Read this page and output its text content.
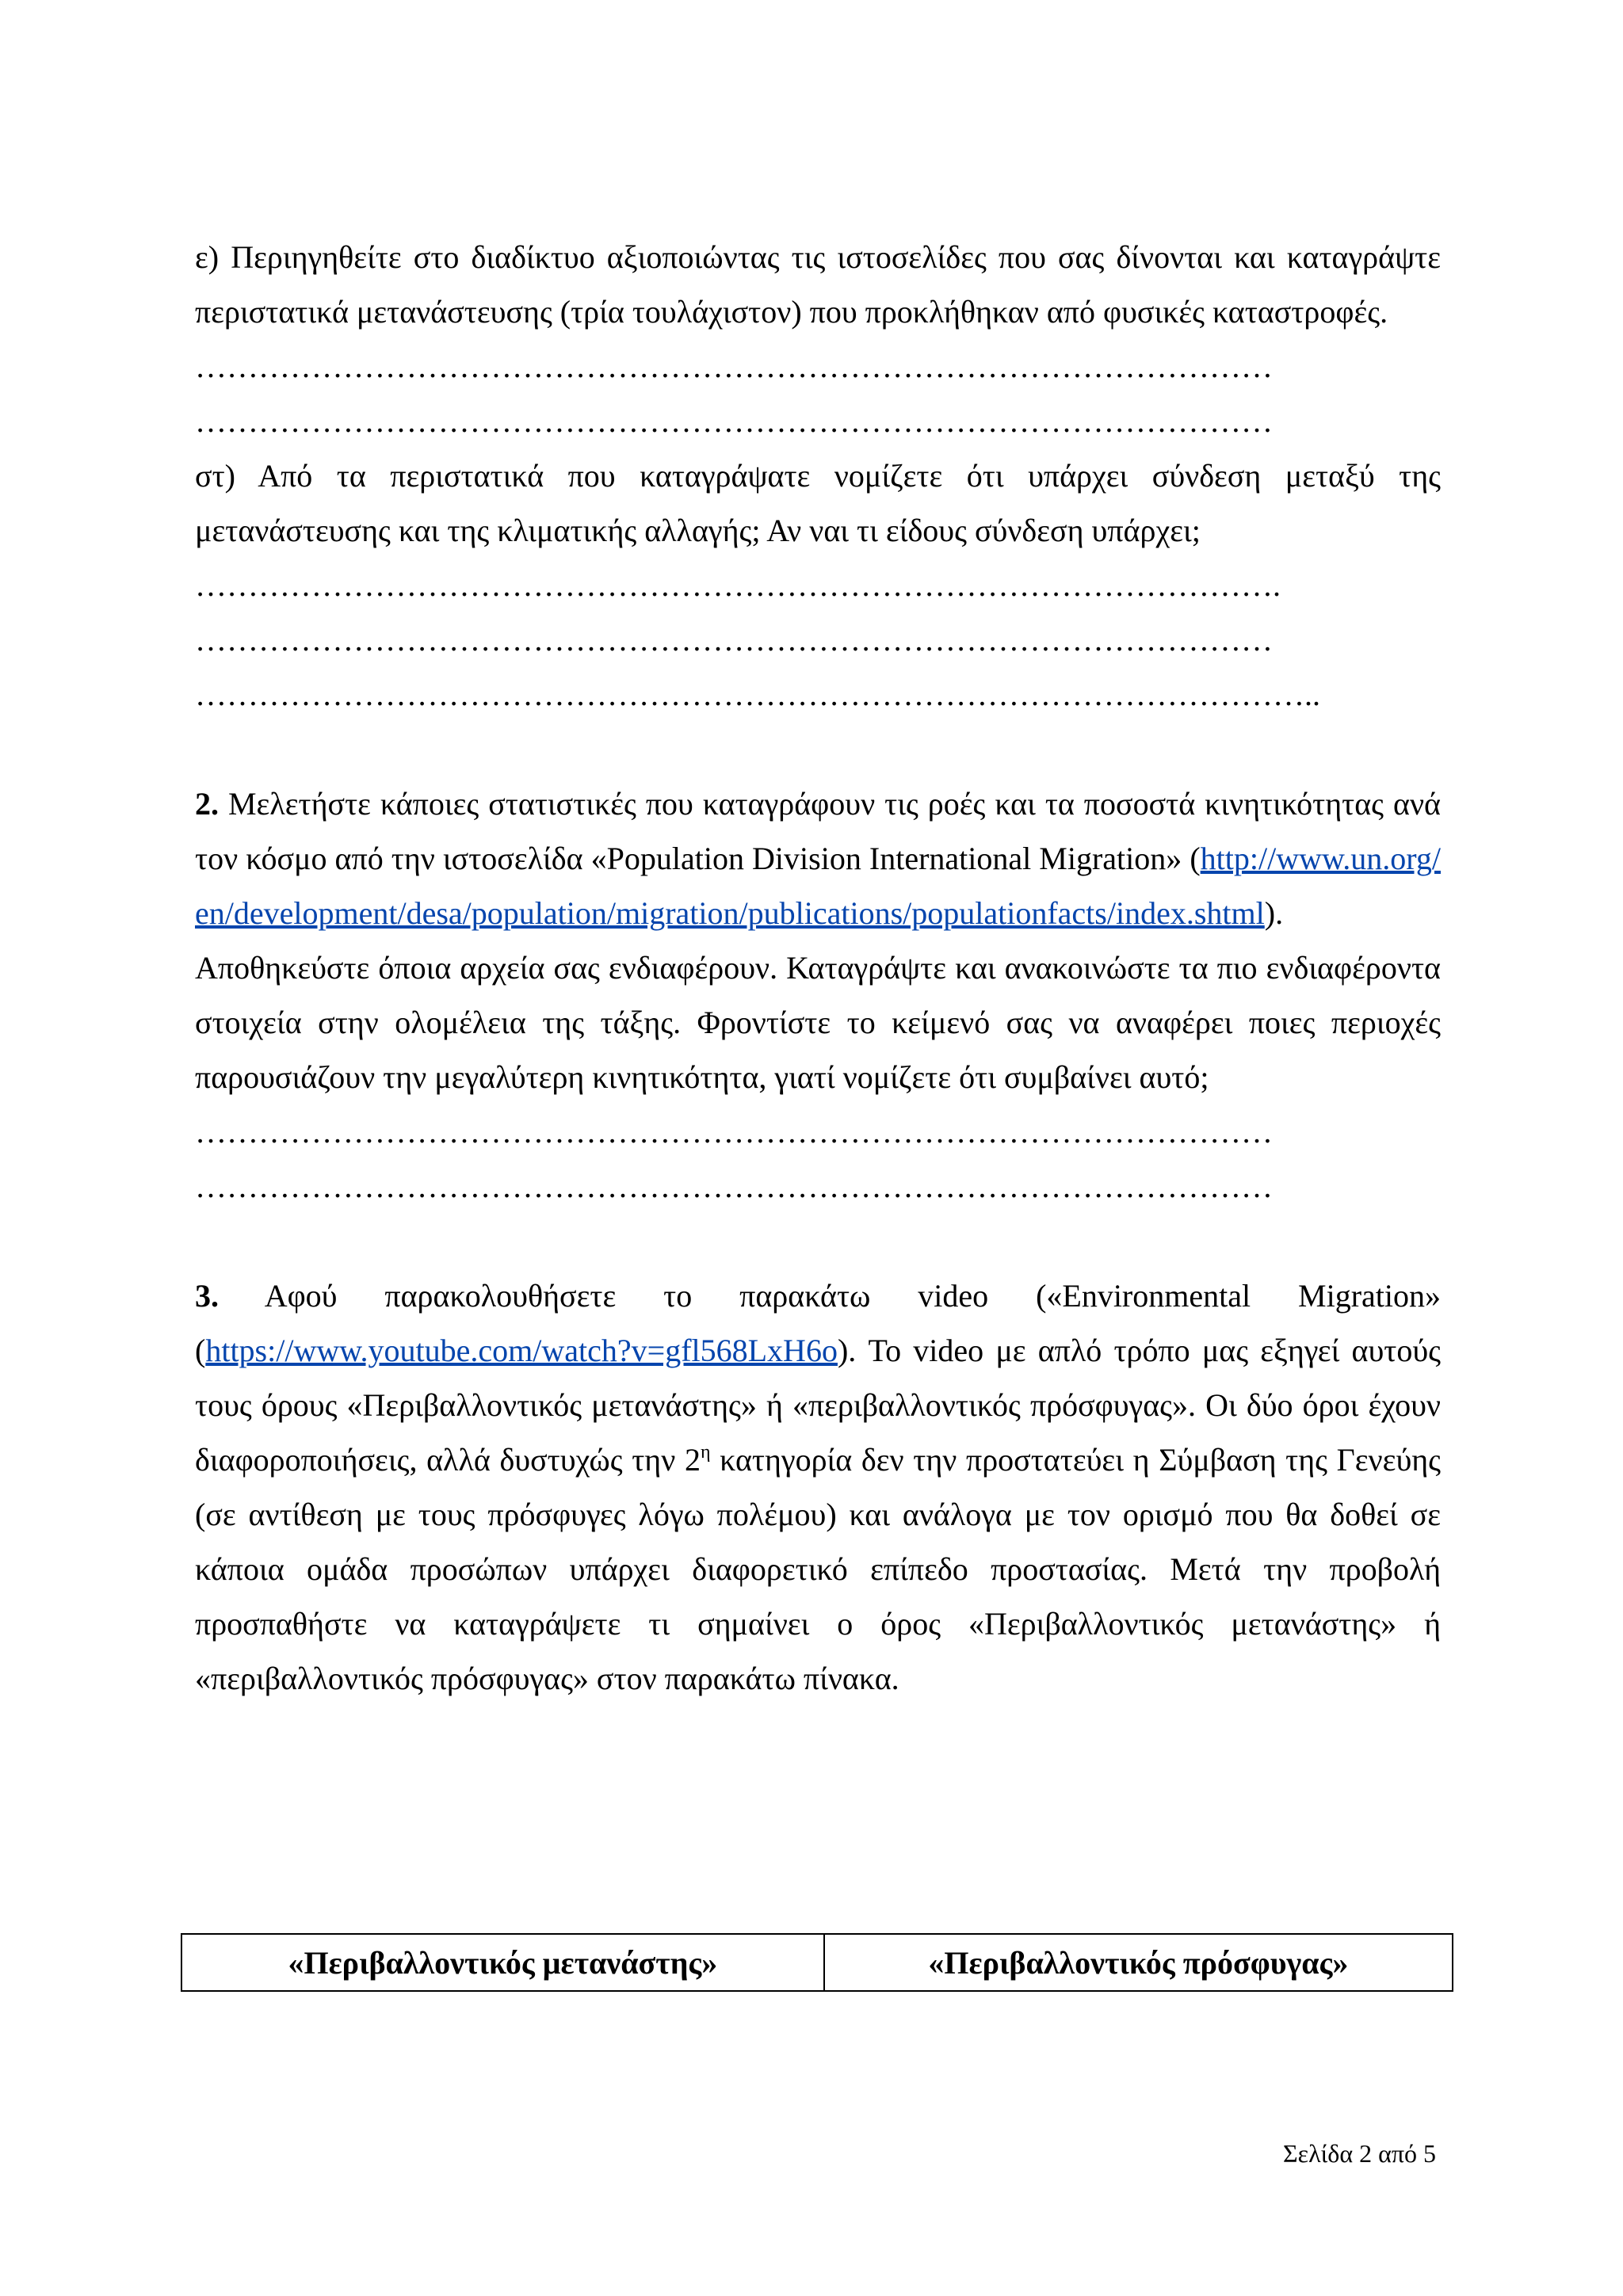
ε) Περιηγηθείτε στο διαδίκτυο αξιοποιώντας τις ιστοσελίδες που σας δίνονται και καταγράψτε περιστατικά μετανάστευσης (τρία τουλάχιστον) που προκλήθηκαν από φυσικές καταστροφές.

…………………………………………………………………………………………
…………………………………………………………………………………………

στ) Από τα περιστατικά που καταγράψατε νομίζετε ότι υπάρχει σύνδεση μεταξύ της μετανάστευσης και της κλιματικής αλλαγής; Αν ναι τι είδους σύνδεση υπάρχει;

………………………………………………………………………………………….
…………………………………………………………………………………………
……………………………………………………………………………………………..

2. Μελετήστε κάποιες στατιστικές που καταγράφουν τις ροές και τα ποσοστά κινητικότητας ανά τον κόσμο από την ιστοσελίδα «Population Division International Migration» (http://www.un.org/en/development/desa/population/migration/publications/populationfacts/index.shtml). Αποθηκεύστε όποια αρχεία σας ενδιαφέρουν. Καταγράψτε και ανακοινώστε τα πιο ενδιαφέροντα στοιχεία στην ολομέλεια της τάξης. Φροντίστε το κείμενό σας να αναφέρει ποιες περιοχές παρουσιάζουν την μεγαλύτερη κινητικότητα, γιατί νομίζετε ότι συμβαίνει αυτό;

…………………………………………………………………………………………
…………………………………………………………………………………………

3. Αφού παρακολουθήσετε το παρακάτω video («Environmental Migration» (https://www.youtube.com/watch?v=gfl568LxH6o). Το video με απλό τρόπο μας εξηγεί αυτούς τους όρους «Περιβαλλοντικός μετανάστης» ή «περιβαλλοντικός πρόσφυγας». Οι δύο όροι έχουν διαφοροποιήσεις, αλλά δυστυχώς την $2^\eta$ κατηγορία δεν την προστατεύει η Σύμβαση της Γενεύης (σε αντίθεση με τους πρόσφυγες λόγω πολέμου) και ανάλογα με τον ορισμό που θα δοθεί σε κάποια ομάδα προσώπων υπάρχει διαφορετικό επίπεδο προστασίας. Μετά την προβολή προσπαθήστε να καταγράψετε τι σημαίνει ο όρος «Περιβαλλοντικός μετανάστης» ή «περιβαλλοντικός πρόσφυγας» στον παρακάτω πίνακα.

«Περιβαλλοντικός μετανάστης»	«Περιβαλλοντικός πρόσφυγας»
Σελίδα 2 από 5
